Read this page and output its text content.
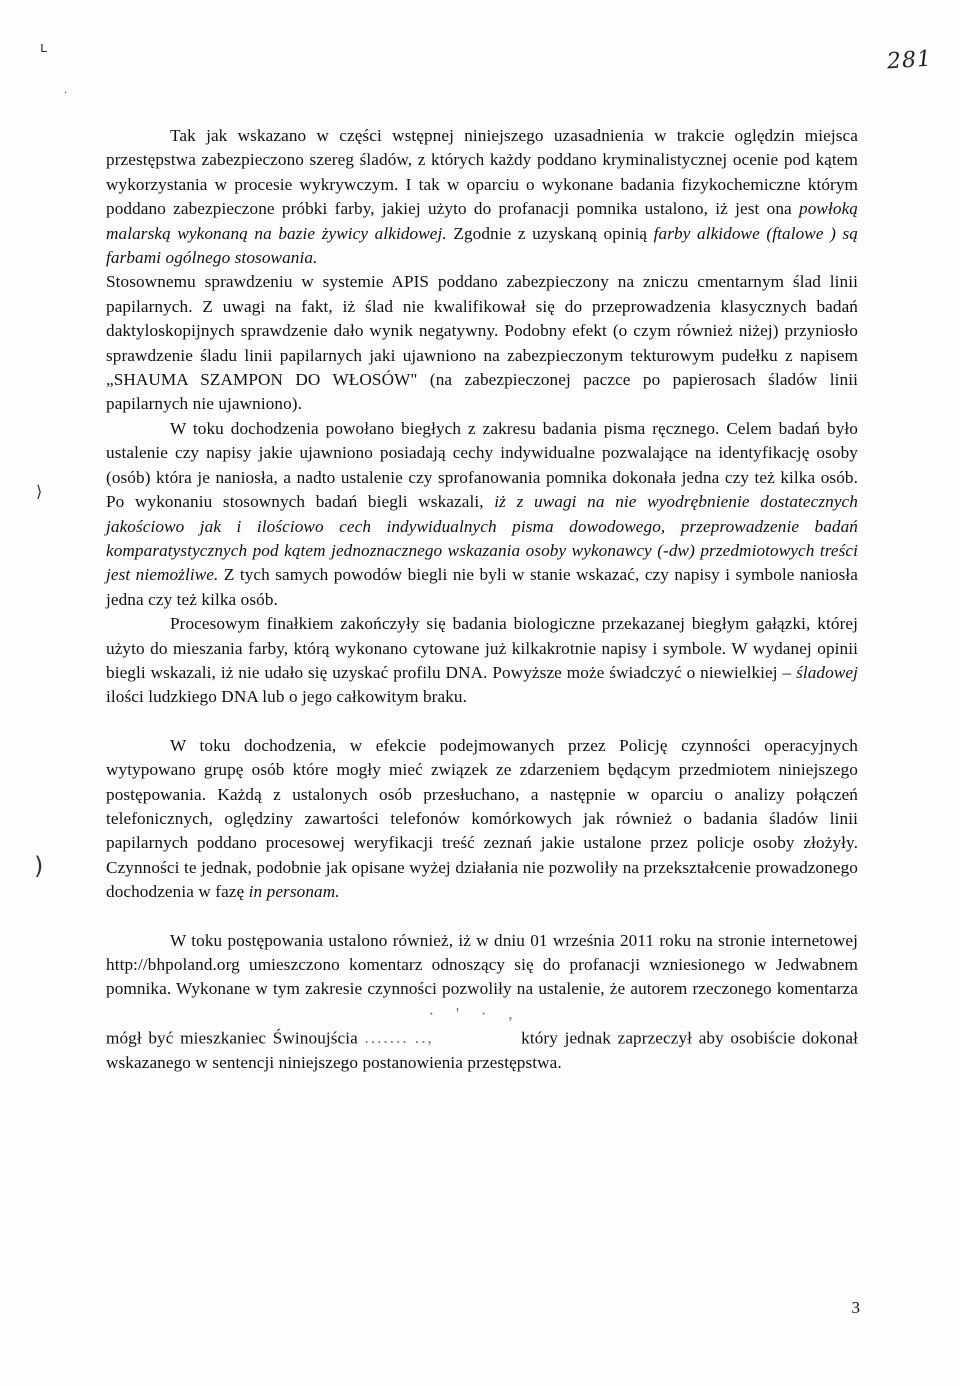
ʟ
·
⟩
)
281

Tak jak wskazano w części wstępnej niniejszego uzasadnienia w trakcie oględzin miejsca przestępstwa zabezpieczono szereg śladów, z których każdy poddano kryminalistycznej ocenie pod kątem wykorzystania w procesie wykrywczym. I tak w oparciu o wykonane badania fizykochemiczne którym poddano zabezpieczone próbki farby, jakiej użyto do profanacji pomnika ustalono, iż jest ona powłoką malarską wykonaną na bazie żywicy alkidowej. Zgodnie z uzyskaną opinią farby alkidowe (ftalowe ) są farbami ogólnego stosowania.

Stosownemu sprawdzeniu w systemie APIS poddano zabezpieczony na zniczu cmentarnym ślad linii papilarnych. Z uwagi na fakt, iż ślad nie kwalifikował się do przeprowadzenia klasycznych badań daktyloskopijnych sprawdzenie dało wynik negatywny. Podobny efekt (o czym również niżej) przyniosło sprawdzenie śladu linii papilarnych jaki ujawniono na zabezpieczonym tekturowym pudełku z napisem „SHAUMA SZAMPON DO WŁOSÓW" (na zabezpieczonej paczce po papierosach śladów linii papilarnych nie ujawniono).

W toku dochodzenia powołano biegłych z zakresu badania pisma ręcznego. Celem badań było ustalenie czy napisy jakie ujawniono posiadają cechy indywidualne pozwalające na identyfikację osoby (osób) która je naniosła, a nadto ustalenie czy sprofanowania pomnika dokonała jedna czy też kilka osób. Po wykonaniu stosownych badań biegli wskazali, iż z uwagi na nie wyodrębnienie dostatecznych jakościowo jak i ilościowo cech indywidualnych pisma dowodowego, przeprowadzenie badań komparatystycznych pod kątem jednoznacznego wskazania osoby wykonawcy (-dw) przedmiotowych treści jest niemożliwe. Z tych samych powodów biegli nie byli w stanie wskazać, czy napisy i symbole naniosła jedna czy też kilka osób.

Procesowym finałkiem zakończyły się badania biologiczne przekazanej biegłym gałązki, której użyto do mieszania farby, którą wykonano cytowane już kilkakrotnie napisy i symbole. W wydanej opinii biegli wskazali, iż nie udało się uzyskać profilu DNA. Powyższe może świadczyć o niewielkiej – śladowej ilości ludzkiego DNA lub o jego całkowitym braku.

W toku dochodzenia, w efekcie podejmowanych przez Policję czynności operacyjnych wytypowano grupę osób które mogły mieć związek ze zdarzeniem będącym przedmiotem niniejszego postępowania. Każdą z ustalonych osób przesłuchano, a następnie w oparciu o analizy połączeń telefonicznych, oględziny zawartości telefonów komórkowych jak również o badania śladów linii papilarnych poddano procesowej weryfikacji treść zeznań jakie ustalone przez policje osoby złożyły. Czynności te jednak, podobnie jak opisane wyżej działania nie pozwoliły na przekształcenie prowadzonego dochodzenia w fazę in personam.

W toku postępowania ustalono również, iż w dniu 01 września 2011 roku na stronie internetowej http://bhpoland.org umieszczono komentarz odnoszący się do profanacji wzniesionego w Jedwabnem pomnika. Wykonane w tym zakresie czynności pozwoliły na ustalenie, że autorem rzeczonego komentarza mógł być mieszkaniec Świnoujścia · ' · , ....... ..,	który jednak zaprzeczył aby osobiście dokonał wskazanego w sentencji niniejszego postanowienia przestępstwa.

3
